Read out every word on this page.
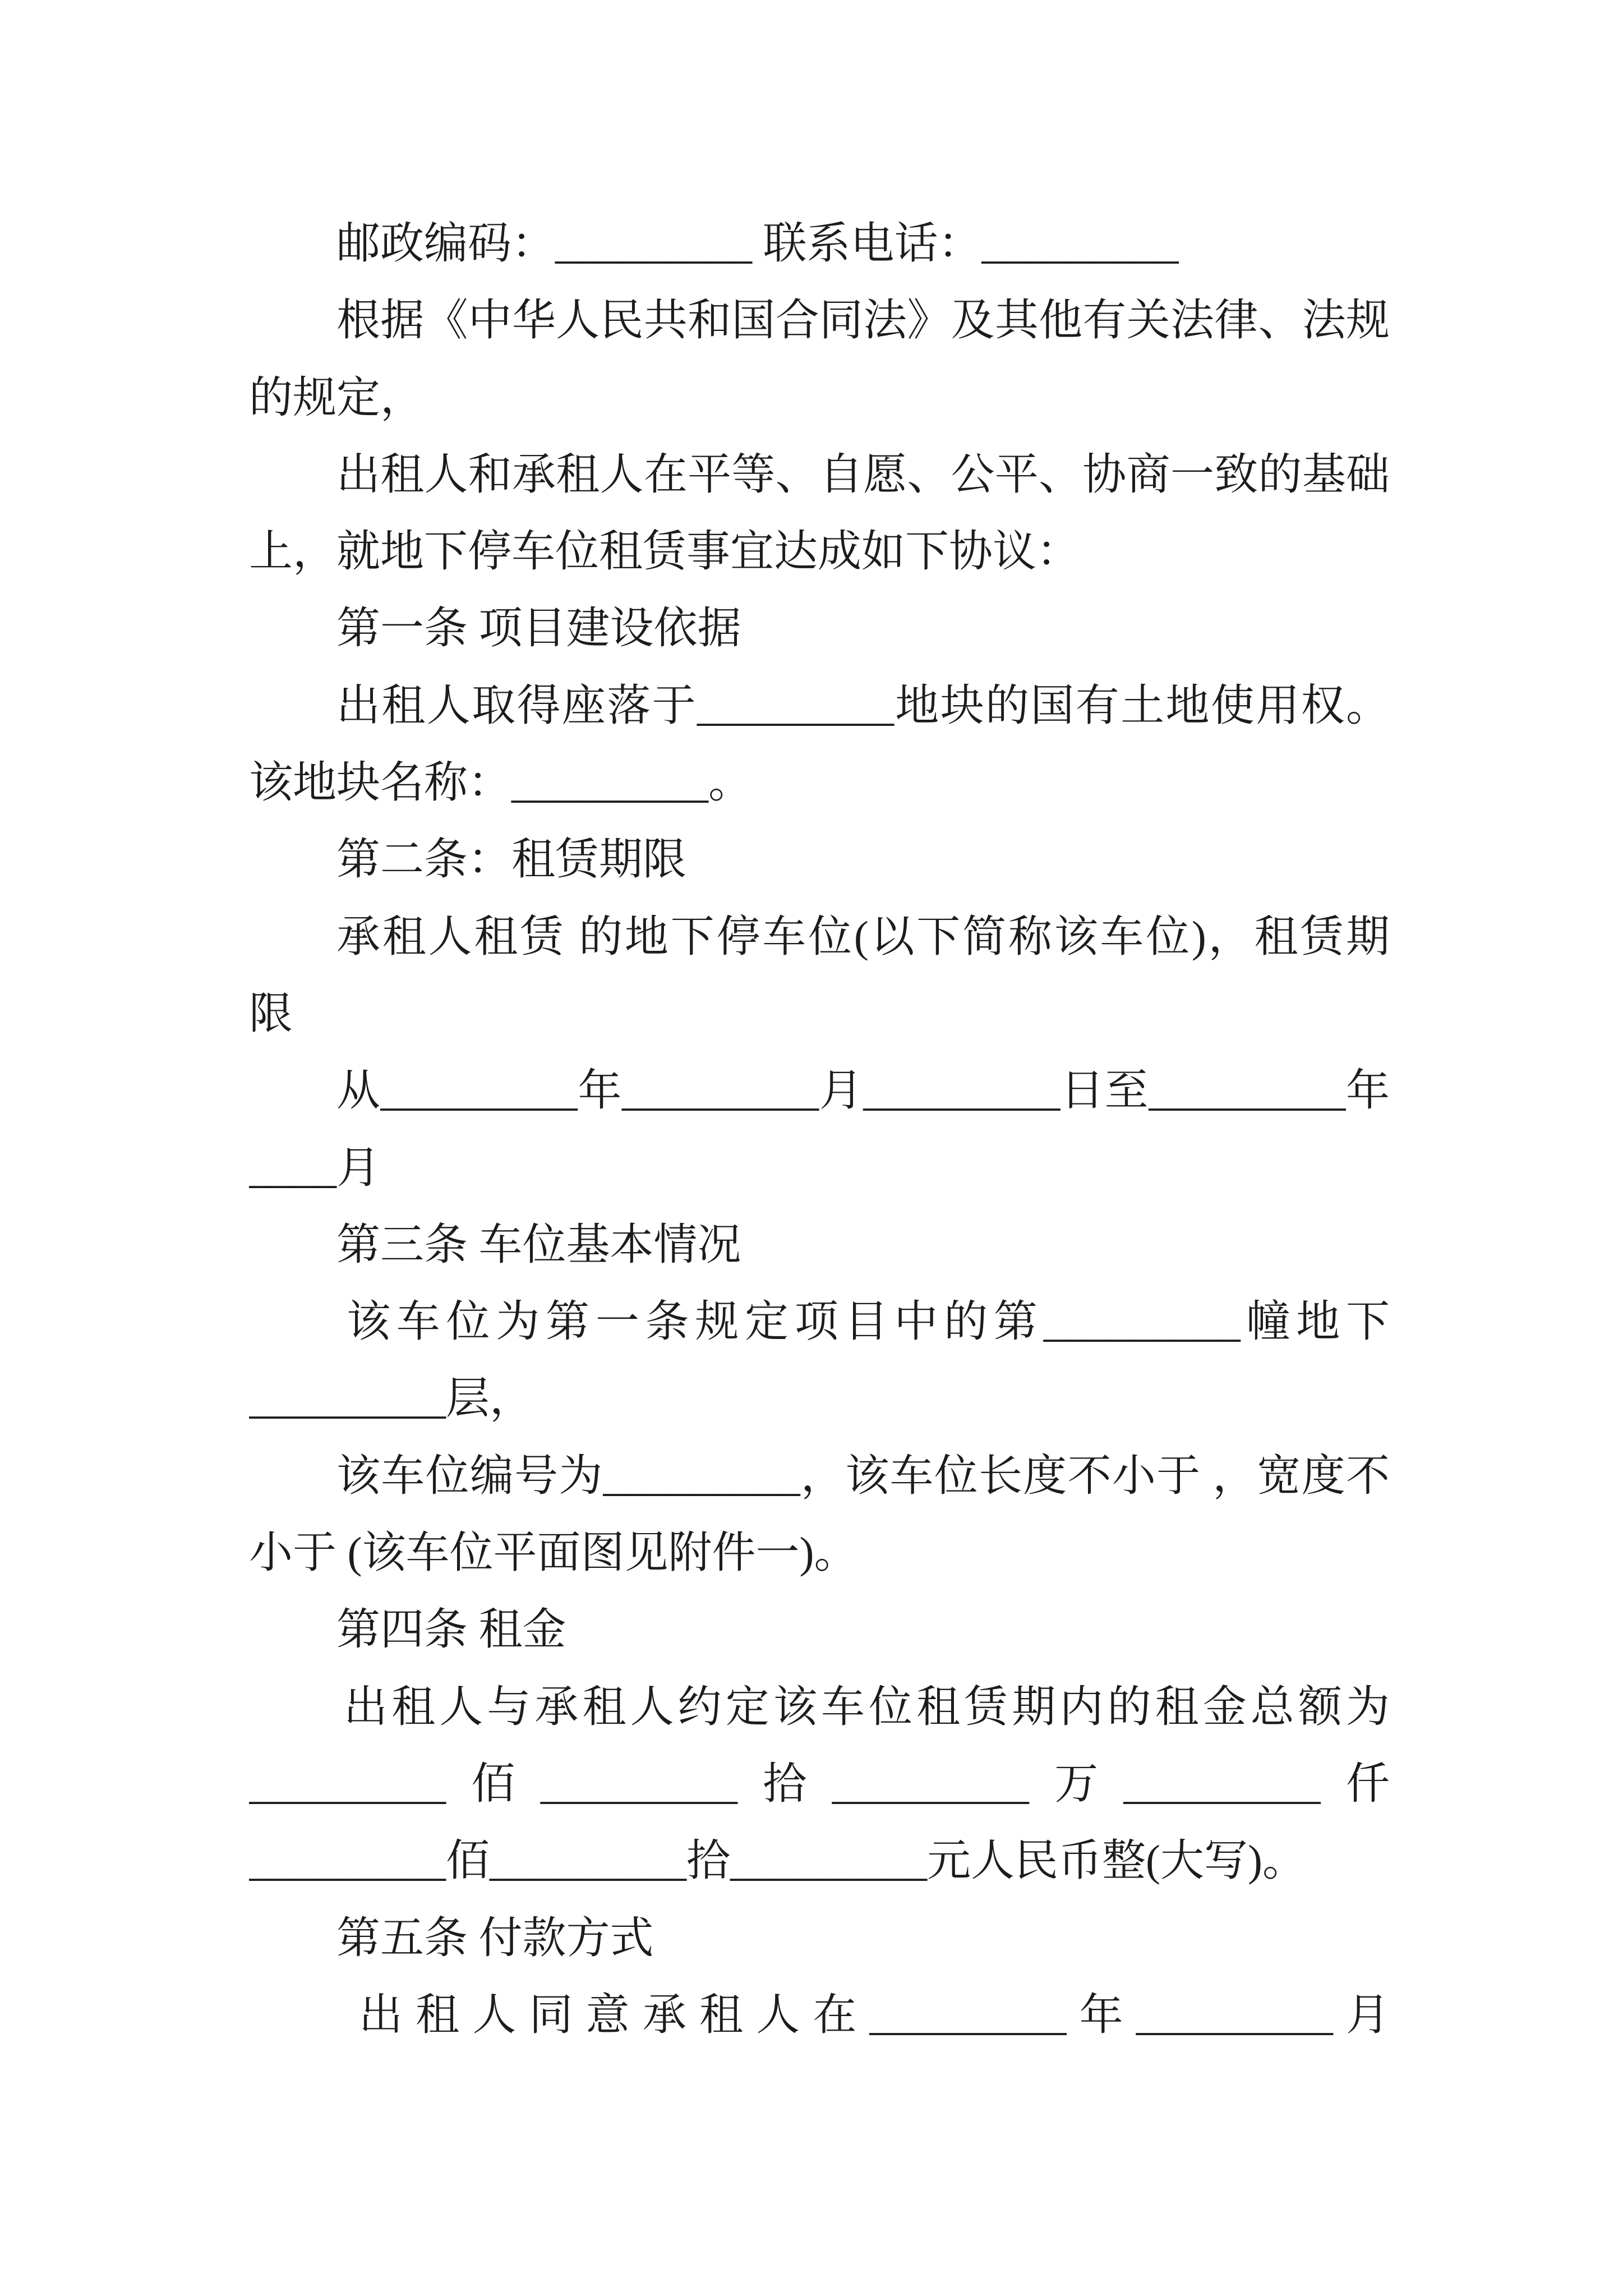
邮政编码：_________ 联系电话：_________
根据《中华人民共和国合同法》及其他有关法律、法规
的规定，
出租人和承租人在平等、自愿、公平、协商一致的基础
上，就地下停车位租赁事宜达成如下协议：
第一条 项目建设依据
出租人取得座落于_________地块的国有土地使用权。
该地块名称：_________。
第二条：租赁期限
承租人租赁 的地下停车位(以下简称该车位)，租赁期
限
从_________年_________月_________日至_________年
____月
第三条 车位基本情况
该车位为第一条规定项目中的第_________幢地下
_________层，
该车位编号为_________，该车位长度不小于 ，宽度不
小于 (该车位平面图见附件一)。
第四条 租金
出租人与承租人约定该车位租赁期内的租金总额为
_________佰_________拾_________万_________仟
_________佰_________拾_________元人民币整(大写)。
第五条 付款方式
出租人同意承租人在_________年_________月
